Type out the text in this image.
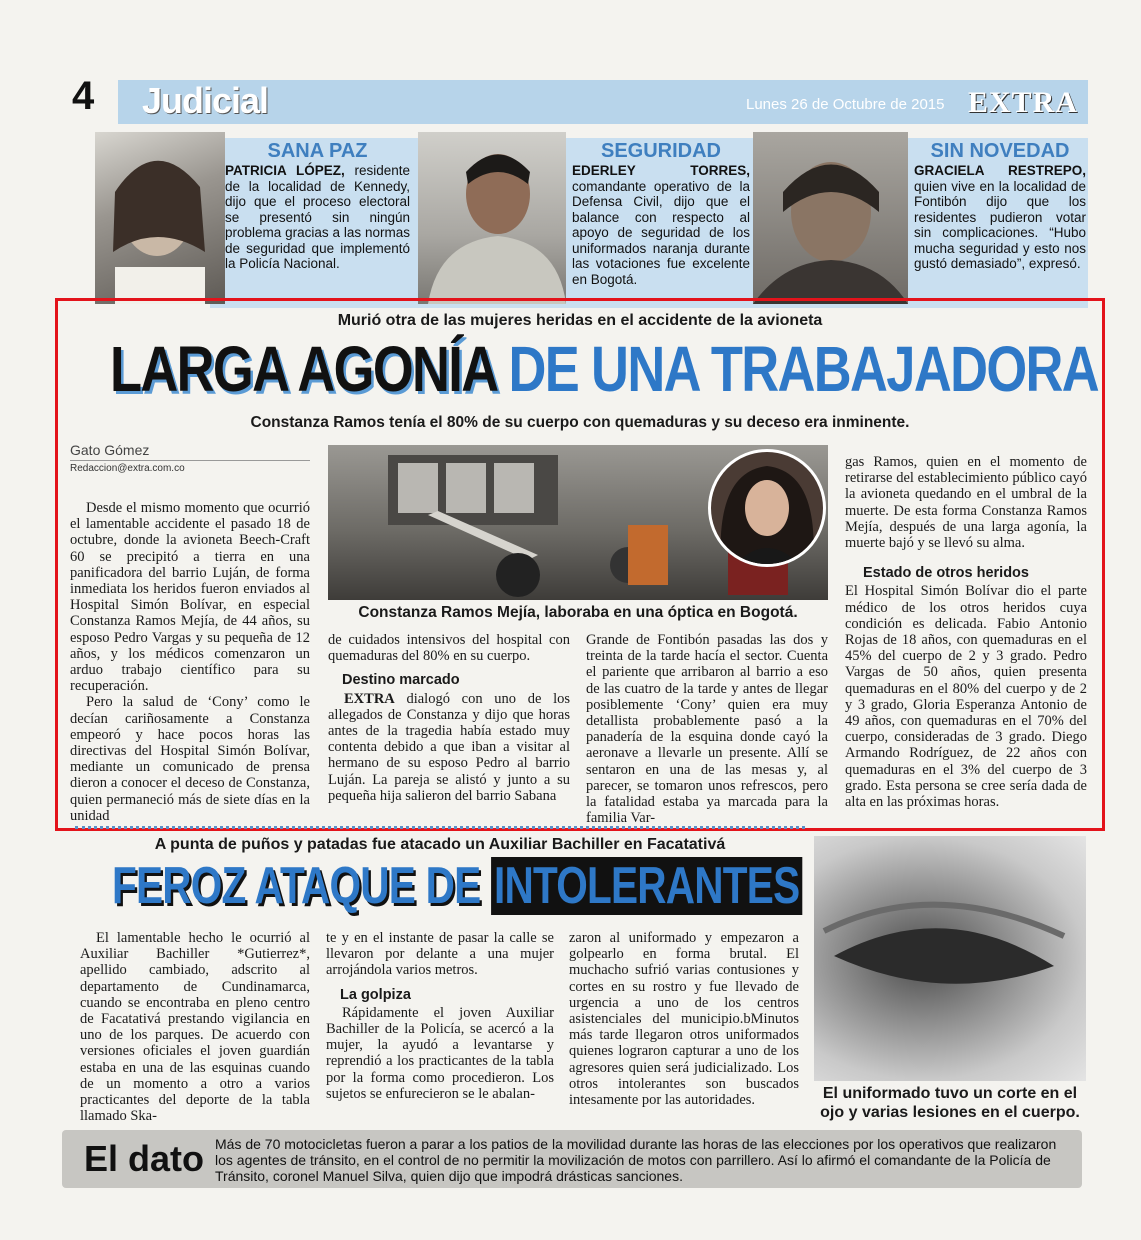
4 Judicial	Lunes 26 de Octubre de 2015 EXTRA
SANA PAZ
PATRICIA LÓPEZ, residente de la localidad de Kennedy, dijo que el proceso electoral se presentó sin ningún problema gracias a las normas de seguridad que implementó la Policía Nacional.
SEGURIDAD
EDERLEY TORRES, comandante operativo de la Defensa Civil, dijo que el balance con respecto al apoyo de seguridad de los uniformados naranja durante las votaciones fue excelente en Bogotá.
SIN NOVEDAD
GRACIELA RESTREPO, quien vive en la localidad de Fontibón dijo que los residentes pudieron votar sin complicaciones. “Hubo mucha seguridad y esto nos gustó demasiado”, expresó.
Murió otra de las mujeres heridas en el accidente de la avioneta
LARGA AGONÍA DE UNA TRABAJADORA
Constanza Ramos tenía el 80% de su cuerpo con quemaduras y su deceso era inminente.
Gato Gómez
Redaccion@extra.com.co

Desde el mismo momento que ocurrió el lamentable accidente el pasado 18 de octubre, donde la avioneta Beech-Craft 60 se precipitó a tierra en una panificadora del barrio Luján, de forma inmediata los heridos fueron enviados al Hospital Simón Bolívar, en especial Constanza Ramos Mejía, de 44 años, su esposo Pedro Vargas y su pequeña de 12 años, y los médicos comenzaron un arduo trabajo científico para su recuperación.

Pero la salud de ‘Cony’ como le decían cariñosamente a Constanza empeoró y hace pocos horas las directivas del Hospital Simón Bolívar, mediante un comunicado de prensa dieron a conocer el deceso de Constanza, quien permaneció más de siete días en la unidad

Constanza Ramos Mejía, laboraba en una óptica en Bogotá.

de cuidados intensivos del hospital con quemaduras del 80% en su cuerpo.

Destino marcado

EXTRA dialogó con uno de los allegados de Constanza y dijo que horas antes de la tragedia había estado muy contenta debido a que iban a visitar al hermano de su esposo Pedro al barrio Luján. La pareja se alistó y junto a su pequeña hija salieron del barrio Sabana

Grande de Fontibón pasadas las dos y treinta de la tarde hacía el sector. Cuenta el pariente que arribaron al barrio a eso de las cuatro de la tarde y antes de llegar posiblemente ‘Cony’ quien era muy detallista probablemente pasó a la panadería de la esquina donde cayó la aeronave a llevarle un presente. Allí se sentaron en una de las mesas y, al parecer, se tomaron unos refrescos, pero la fatalidad estaba ya marcada para la familia Var-

gas Ramos, quien en el momento de retirarse del establecimiento público cayó la avioneta quedando en el umbral de la muerte. De esta forma Constanza Ramos Mejía, después de una larga agonía, la muerte bajó y se llevó su alma.

Estado de otros heridos

El Hospital Simón Bolívar dio el parte médico de los otros heridos cuya condición es delicada. Fabio Antonio Rojas de 18 años, con quemaduras en el 45% del cuerpo de 2 y 3 grado. Pedro Vargas de 50 años, quien presenta quemaduras en el 80% del cuerpo y de 2 y 3 grado, Gloria Esperanza Antonio de 49 años, con quemaduras en el 70% del cuerpo, consideradas de 3 grado. Diego Armando Rodríguez, de 22 años con quemaduras en el 3% del cuerpo de 3 grado. Esta persona se cree sería dada de alta en las próximas horas.

A punta de puños y patadas fue atacado un Auxiliar Bachiller en Facatativá
FEROZ ATAQUE DE INTOLERANTES

El lamentable hecho le ocurrió al Auxiliar Bachiller *Gutierrez*, apellido cambiado, adscrito al departamento de Cundinamarca, cuando se encontraba en pleno centro de Facatativá prestando vigilancia en uno de los parques. De acuerdo con versiones oficiales el joven guardián estaba en una de las esquinas cuando de un momento a otro a varios practicantes del deporte de la tabla llamado Ska-

te y en el instante de pasar la calle se llevaron por delante a una mujer arrojándola varios metros.

La golpiza

Rápidamente el joven Auxiliar Bachiller de la Policía, se acercó a la mujer, la ayudó a levantarse y reprendió a los practicantes de la tabla por la forma como procedieron. Los sujetos se enfurecieron se le abalan-

zaron al uniformado y empezaron a golpearlo en forma brutal. El muchacho sufrió varias contusiones y cortes en su rostro y fue llevado de urgencia a uno de los centros asistenciales del municipio.bMinutos más tarde llegaron otros uniformados quienes lograron capturar a uno de los agresores quien será judicializado. Los otros intolerantes son buscados intesamente por las autoridades.	El uniformado tuvo un corte en el ojo y varias lesiones en el cuerpo.
El dato Más de 70 motocicletas fueron a parar a los patios de la movilidad durante las horas de las elecciones por los operativos que realizaron los agentes de tránsito, en el control de no permitir la movilización de motos con parrillero. Así lo afirmó el comandante de la Policía de Tránsito, coronel Manuel Silva, quien dijo que impodrá drásticas sanciones.
